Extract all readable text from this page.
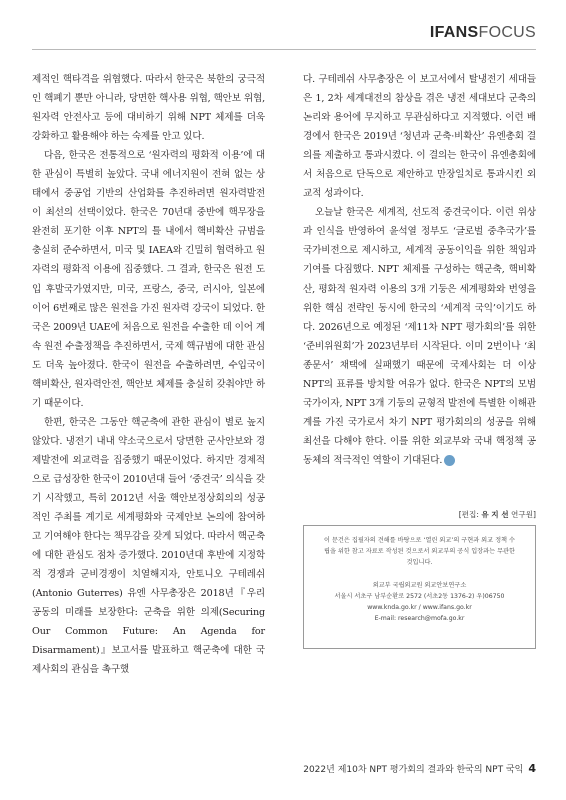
IFANSFOCUS

제적인 핵타격을 위협했다. 따라서 한국은 북한의 궁극적인 핵폐기 뿐만 아니라, 당면한 핵사용 위협, 핵안보 위협, 원자력 안전사고 등에 대비하기 위해 NPT 체제를 더욱 강화하고 활용해야 하는 숙제를 안고 있다.

다음, 한국은 전통적으로 ‘원자력의 평화적 이용’에 대한 관심이 특별히 높았다. 국내 에너지원이 전혀 없는 상태에서 중공업 기반의 산업화를 추진하려면 원자력발전이 최선의 선택이었다. 한국은 70년대 중반에 핵무장을 완전히 포기한 이후 NPT의 틀 내에서 핵비확산 규범을 충실히 준수하면서, 미국 및 IAEA와 긴밀히 협력하고 원자력의 평화적 이용에 집중했다. 그 결과, 한국은 원전 도입 후발국가였지만, 미국, 프랑스, 중국, 러시아, 일본에 이어 6번째로 많은 원전을 가진 원자력 강국이 되었다. 한국은 2009년 UAE에 처음으로 원전을 수출한 데 이어 계속 원전 수출정책을 추진하면서, 국제 핵규범에 대한 관심도 더욱 높아졌다. 한국이 원전을 수출하려면, 수입국이 핵비확산, 원자력안전, 핵안보 체제를 충실히 갖춰야만 하기 때문이다.

한편, 한국은 그동안 핵군축에 관한 관심이 별로 높지 않았다. 냉전기 내내 약소국으로서 당면한 군사안보와 경제발전에 외교력을 집중했기 때문이었다. 하지만 경제적으로 급성장한 한국이 2010년대 들어 ‘중견국’ 의식을 갖기 시작했고, 특히 2012년 서울 핵안보정상회의의 성공적인 주최를 계기로 세계평화와 국제안보 논의에 참여하고 기여해야 한다는 책무감을 갖게 되었다. 따라서 핵군축에 대한 관심도 점차 증가했다. 2010년대 후반에 지정학적 경쟁과 군비경쟁이 치열해지자, 안토니오 구테레쉬(Antonio Guterres) 유엔 사무총장은 2018년『우리 공동의 미래를 보장한다: 군축을 위한 의제(Securing Our Common Future: An Agenda for Disarmament)』보고서를 발표하고 핵군축에 대한 국제사회의 관심을 촉구했

다. 구테레쉬 사무총장은 이 보고서에서 탈냉전기 세대들은 1, 2차 세계대전의 참상을 겪은 냉전 세대보다 군축의 논리와 용어에 무지하고 무관심하다고 지적했다. 이런 배경에서 한국은 2019년 ‘청년과 군축·비확산’ 유엔총회 결의를 제출하고 통과시켰다. 이 결의는 한국이 유엔총회에서 처음으로 단독으로 제안하고 만장일치로 통과시킨 외교적 성과이다.

오늘날 한국은 세계적, 선도적 중견국이다. 이런 위상과 인식을 반영하여 윤석열 정부도 ‘글로벌 중추국가’를 국가비전으로 제시하고, 세계적 공동이익을 위한 책임과 기여를 다짐했다. NPT 체제를 구성하는 핵군축, 핵비확산, 평화적 원자력 이용의 3개 기둥은 세계평화와 번영을 위한 핵심 전략인 동시에 한국의 ‘세계적 국익’이기도 하다. 2026년으로 예정된 ‘제11차 NPT 평가회의’를 위한 ‘준비위원회’가 2023년부터 시작된다. 이미 2번이나 ‘최종문서’ 채택에 실패했기 때문에 국제사회는 더 이상 NPT의 표류를 방치할 여유가 없다. 한국은 NPT의 모범국가이자, NPT 3개 기둥의 균형적 발전에 특별한 이해관계를 가진 국가로서 차기 NPT 평가회의의 성공을 위해 최선을 다해야 한다. 이를 위한 외교부와 국내 핵정책 공동체의 적극적인 역할이 기대된다. ✓

[편집: 유 지 선 연구원]
이 문건은 집필자의 견해를 바탕으로 ‘열린 외교’의 구현과 외교 정책 수립을 위한 참고 자료로 작성된 것으로서 외교부의 공식 입장과는 무관한 것입니다.
외교부 국립외교원 외교안보연구소
서울시 서초구 남부순환로 2572 (서초2동 1376-2) 우)06750
www.knda.go.kr / www.ifans.go.kr
E-mail: research@mofa.go.kr
2022년 제10차 NPT 평가회의 결과와 한국의 NPT 국익 4
